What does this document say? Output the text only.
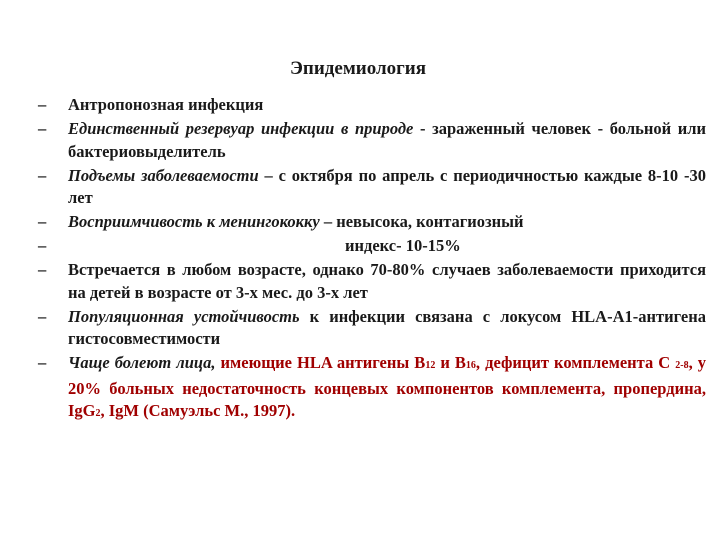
Эпидемиология
– Антропонозная инфекция
– Единственный резервуар инфекции в природе - зараженный человек - больной или бактериовыделитель
– Подъемы заболеваемости – с октября по апрель с периодичностью каждые 8-10 -30 лет
– Восприимчивость к менингококку – невысока, контагиозный
–	индекс- 10-15%
– Встречается в любом возрасте, однако 70-80% случаев заболеваемости приходится на детей в возрасте от 3-х мес. до 3-х лет
– Популяционная устойчивость к инфекции связана с локусом HLA-A1-антигена гистосовместимости
– Чаще болеют лица, имеющие HLA антигены B12 и B16, дефицит комплемента С 2-8, у 20% больных недостаточность концевых компонентов комплемента, пропердина, IgG2, IgM (Самуэльс М., 1997).
